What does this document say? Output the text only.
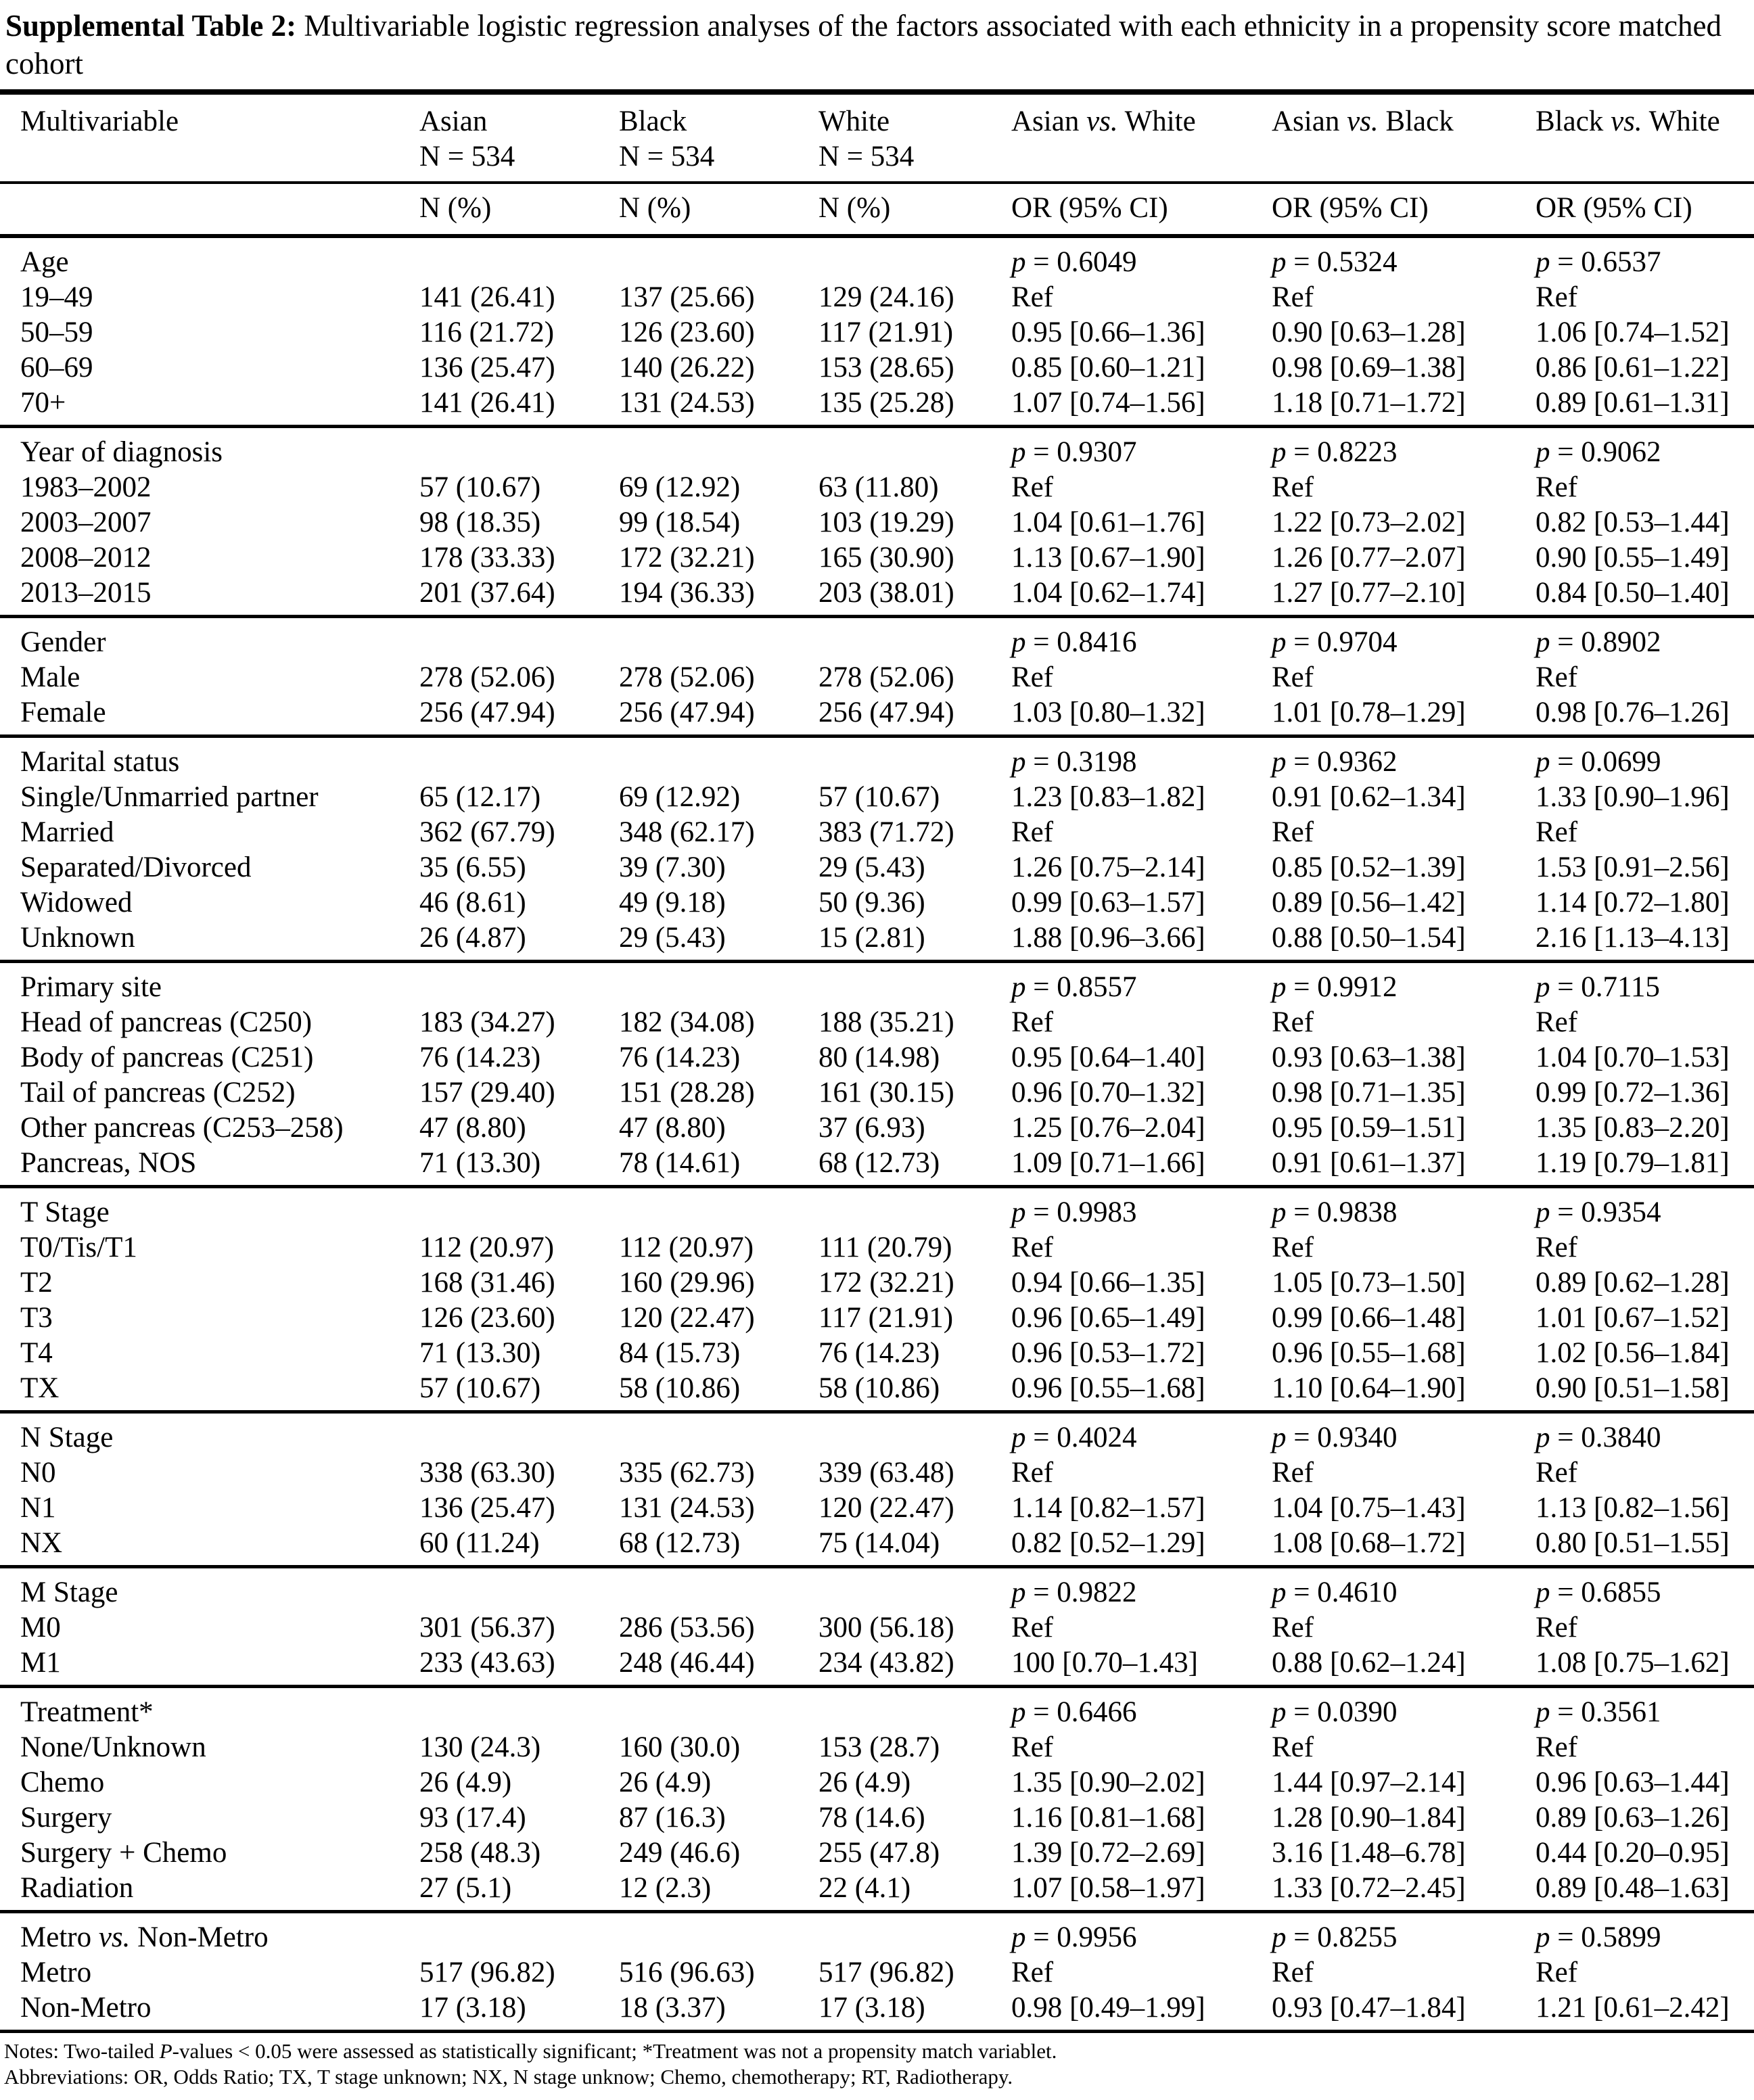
Supplemental Table 2: Multivariable logistic regression analyses of the factors associated with each ethnicity in a propensity score matched cohort
Multivariable	Asian	Black	White	Asian vs. White	Asian vs. Black	Black vs. White
	N = 534	N = 534	N = 534			
	N (%)	N (%)	N (%)	OR (95% CI)	OR (95% CI)	OR (95% CI)
Age				p = 0.6049	p = 0.5324	p = 0.6537
19–49	141 (26.41)	137 (25.66)	129 (24.16)	Ref	Ref	Ref
50–59	116 (21.72)	126 (23.60)	117 (21.91)	0.95 [0.66–1.36]	0.90 [0.63–1.28]	1.06 [0.74–1.52]
60–69	136 (25.47)	140 (26.22)	153 (28.65)	0.85 [0.60–1.21]	0.98 [0.69–1.38]	0.86 [0.61–1.22]
70+	141 (26.41)	131 (24.53)	135 (25.28)	1.07 [0.74–1.56]	1.18 [0.71–1.72]	0.89 [0.61–1.31]
Year of diagnosis				p = 0.9307	p = 0.8223	p = 0.9062
1983–2002	57 (10.67)	69 (12.92)	63 (11.80)	Ref	Ref	Ref
2003–2007	98 (18.35)	99 (18.54)	103 (19.29)	1.04 [0.61–1.76]	1.22 [0.73–2.02]	0.82 [0.53–1.44]
2008–2012	178 (33.33)	172 (32.21)	165 (30.90)	1.13 [0.67–1.90]	1.26 [0.77–2.07]	0.90 [0.55–1.49]
2013–2015	201 (37.64)	194 (36.33)	203 (38.01)	1.04 [0.62–1.74]	1.27 [0.77–2.10]	0.84 [0.50–1.40]
Gender				p = 0.8416	p = 0.9704	p = 0.8902
Male	278 (52.06)	278 (52.06)	278 (52.06)	Ref	Ref	Ref
Female	256 (47.94)	256 (47.94)	256 (47.94)	1.03 [0.80–1.32]	1.01 [0.78–1.29]	0.98 [0.76–1.26]
Marital status				p = 0.3198	p = 0.9362	p = 0.0699
Single/Unmarried partner	65 (12.17)	69 (12.92)	57 (10.67)	1.23 [0.83–1.82]	0.91 [0.62–1.34]	1.33 [0.90–1.96]
Married	362 (67.79)	348 (62.17)	383 (71.72)	Ref	Ref	Ref
Separated/Divorced	35 (6.55)	39 (7.30)	29 (5.43)	1.26 [0.75–2.14]	0.85 [0.52–1.39]	1.53 [0.91–2.56]
Widowed	46 (8.61)	49 (9.18)	50 (9.36)	0.99 [0.63–1.57]	0.89 [0.56–1.42]	1.14 [0.72–1.80]
Unknown	26 (4.87)	29 (5.43)	15 (2.81)	1.88 [0.96–3.66]	0.88 [0.50–1.54]	2.16 [1.13–4.13]
Primary site				p = 0.8557	p = 0.9912	p = 0.7115
Head of pancreas (C250)	183 (34.27)	182 (34.08)	188 (35.21)	Ref	Ref	Ref
Body of pancreas (C251)	76 (14.23)	76 (14.23)	80 (14.98)	0.95 [0.64–1.40]	0.93 [0.63–1.38]	1.04 [0.70–1.53]
Tail of pancreas (C252)	157 (29.40)	151 (28.28)	161 (30.15)	0.96 [0.70–1.32]	0.98 [0.71–1.35]	0.99 [0.72–1.36]
Other pancreas (C253–258)	47 (8.80)	47 (8.80)	37 (6.93)	1.25 [0.76–2.04]	0.95 [0.59–1.51]	1.35 [0.83–2.20]
Pancreas, NOS	71 (13.30)	78 (14.61)	68 (12.73)	1.09 [0.71–1.66]	0.91 [0.61–1.37]	1.19 [0.79–1.81]
T Stage				p = 0.9983	p = 0.9838	p = 0.9354
T0/Tis/T1	112 (20.97)	112 (20.97)	111 (20.79)	Ref	Ref	Ref
T2	168 (31.46)	160 (29.96)	172 (32.21)	0.94 [0.66–1.35]	1.05 [0.73–1.50]	0.89 [0.62–1.28]
T3	126 (23.60)	120 (22.47)	117 (21.91)	0.96 [0.65–1.49]	0.99 [0.66–1.48]	1.01 [0.67–1.52]
T4	71 (13.30)	84 (15.73)	76 (14.23)	0.96 [0.53–1.72]	0.96 [0.55–1.68]	1.02 [0.56–1.84]
TX	57 (10.67)	58 (10.86)	58 (10.86)	0.96 [0.55–1.68]	1.10 [0.64–1.90]	0.90 [0.51–1.58]
N Stage				p = 0.4024	p = 0.9340	p = 0.3840
N0	338 (63.30)	335 (62.73)	339 (63.48)	Ref	Ref	Ref
N1	136 (25.47)	131 (24.53)	120 (22.47)	1.14 [0.82–1.57]	1.04 [0.75–1.43]	1.13 [0.82–1.56]
NX	60 (11.24)	68 (12.73)	75 (14.04)	0.82 [0.52–1.29]	1.08 [0.68–1.72]	0.80 [0.51–1.55]
M Stage				p = 0.9822	p = 0.4610	p = 0.6855
M0	301 (56.37)	286 (53.56)	300 (56.18)	Ref	Ref	Ref
M1	233 (43.63)	248 (46.44)	234 (43.82)	100 [0.70–1.43]	0.88 [0.62–1.24]	1.08 [0.75–1.62]
Treatment*				p = 0.6466	p = 0.0390	p = 0.3561
None/Unknown	130 (24.3)	160 (30.0)	153 (28.7)	Ref	Ref	Ref
Chemo	26 (4.9)	26 (4.9)	26 (4.9)	1.35 [0.90–2.02]	1.44 [0.97–2.14]	0.96 [0.63–1.44]
Surgery	93 (17.4)	87 (16.3)	78 (14.6)	1.16 [0.81–1.68]	1.28 [0.90–1.84]	0.89 [0.63–1.26]
Surgery + Chemo	258 (48.3)	249 (46.6)	255 (47.8)	1.39 [0.72–2.69]	3.16 [1.48–6.78]	0.44 [0.20–0.95]
Radiation	27 (5.1)	12 (2.3)	22 (4.1)	1.07 [0.58–1.97]	1.33 [0.72–2.45]	0.89 [0.48–1.63]
Metro vs. Non-Metro				p = 0.9956	p = 0.8255	p = 0.5899
Metro	517 (96.82)	516 (96.63)	517 (96.82)	Ref	Ref	Ref
Non-Metro	17 (3.18)	18 (3.37)	17 (3.18)	0.98 [0.49–1.99]	0.93 [0.47–1.84]	1.21 [0.61–2.42]
Notes: Two-tailed P-values < 0.05 were assessed as statistically significant; *Treatment was not a propensity match variablet.
Abbreviations: OR, Odds Ratio; TX, T stage unknown; NX, N stage unknow; Chemo, chemotherapy; RT, Radiotherapy.
